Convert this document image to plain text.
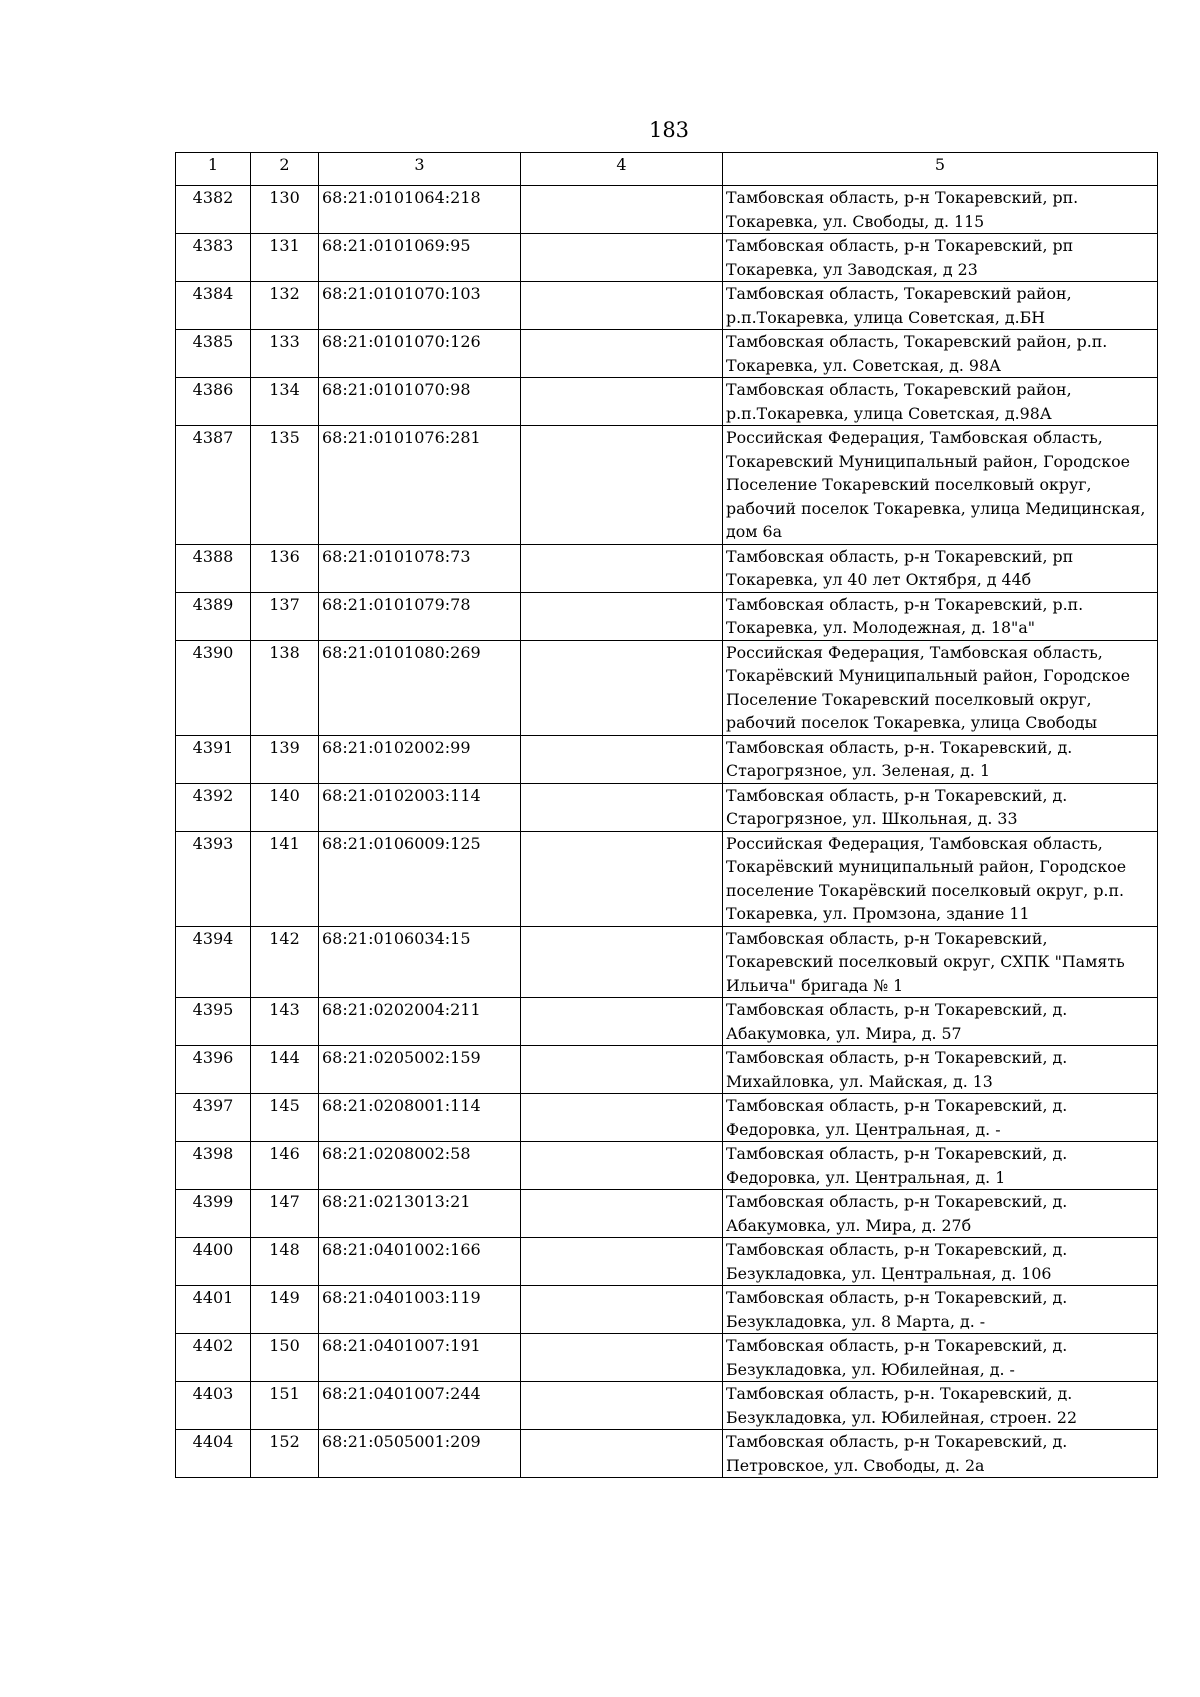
183
1	2	3	4	5
4382	130	68:21:0101064:218		Тамбовская область, р-н Токаревский, рп. Токаревка, ул. Свободы, д. 115
4383	131	68:21:0101069:95		Тамбовская область, р-н Токаревский, рп Токаревка, ул Заводская, д 23
4384	132	68:21:0101070:103		Тамбовская область, Токаревский район, р.п.Токаревка, улица Советская, д.БН
4385	133	68:21:0101070:126		Тамбовская область, Токаревский район, р.п. Токаревка, ул. Советская, д. 98А
4386	134	68:21:0101070:98		Тамбовская область, Токаревский район, р.п.Токаревка, улица Советская, д.98А
4387	135	68:21:0101076:281		Российская Федерация, Тамбовская область, Токаревский Муниципальный район, Городское Поселение Токаревский поселковый округ, рабочий поселок Токаревка, улица Медицинская, дом 6а
4388	136	68:21:0101078:73		Тамбовская область, р-н Токаревский, рп Токаревка, ул 40 лет Октября, д 44б
4389	137	68:21:0101079:78		Тамбовская область, р-н Токаревский, р.п. Токаревка, ул. Молодежная, д. 18"а"
4390	138	68:21:0101080:269		Российская Федерация, Тамбовская область, Токарёвский Муниципальный район, Городское Поселение Токаревский поселковый округ, рабочий поселок Токаревка, улица Свободы
4391	139	68:21:0102002:99		Тамбовская область, р-н. Токаревский, д. Старогрязное, ул. Зеленая, д. 1
4392	140	68:21:0102003:114		Тамбовская область, р-н Токаревский, д. Старогрязное, ул. Школьная, д. 33
4393	141	68:21:0106009:125		Российская Федерация, Тамбовская область, Токарёвский муниципальный район, Городское поселение Токарёвский поселковый округ, р.п. Токаревка, ул. Промзона, здание 11
4394	142	68:21:0106034:15		Тамбовская область, р-н Токаревский, Токаревский поселковый округ, СХПК "Память Ильича" бригада № 1
4395	143	68:21:0202004:211		Тамбовская область, р-н Токаревский, д. Абакумовка, ул. Мира, д. 57
4396	144	68:21:0205002:159		Тамбовская область, р-н Токаревский, д. Михайловка, ул. Майская, д. 13
4397	145	68:21:0208001:114		Тамбовская область, р-н Токаревский, д. Федоровка, ул. Центральная, д. -
4398	146	68:21:0208002:58		Тамбовская область, р-н Токаревский, д. Федоровка, ул. Центральная, д. 1
4399	147	68:21:0213013:21		Тамбовская область, р-н Токаревский, д. Абакумовка, ул. Мира, д. 27б
4400	148	68:21:0401002:166		Тамбовская область, р-н Токаревский, д. Безукладовка, ул. Центральная, д. 106
4401	149	68:21:0401003:119		Тамбовская область, р-н Токаревский, д. Безукладовка, ул. 8 Марта, д. -
4402	150	68:21:0401007:191		Тамбовская область, р-н Токаревский, д. Безукладовка, ул. Юбилейная, д. -
4403	151	68:21:0401007:244		Тамбовская область, р-н. Токаревский, д. Безукладовка, ул. Юбилейная, строен. 22
4404	152	68:21:0505001:209		Тамбовская область, р-н Токаревский, д. Петровское, ул. Свободы, д. 2а
